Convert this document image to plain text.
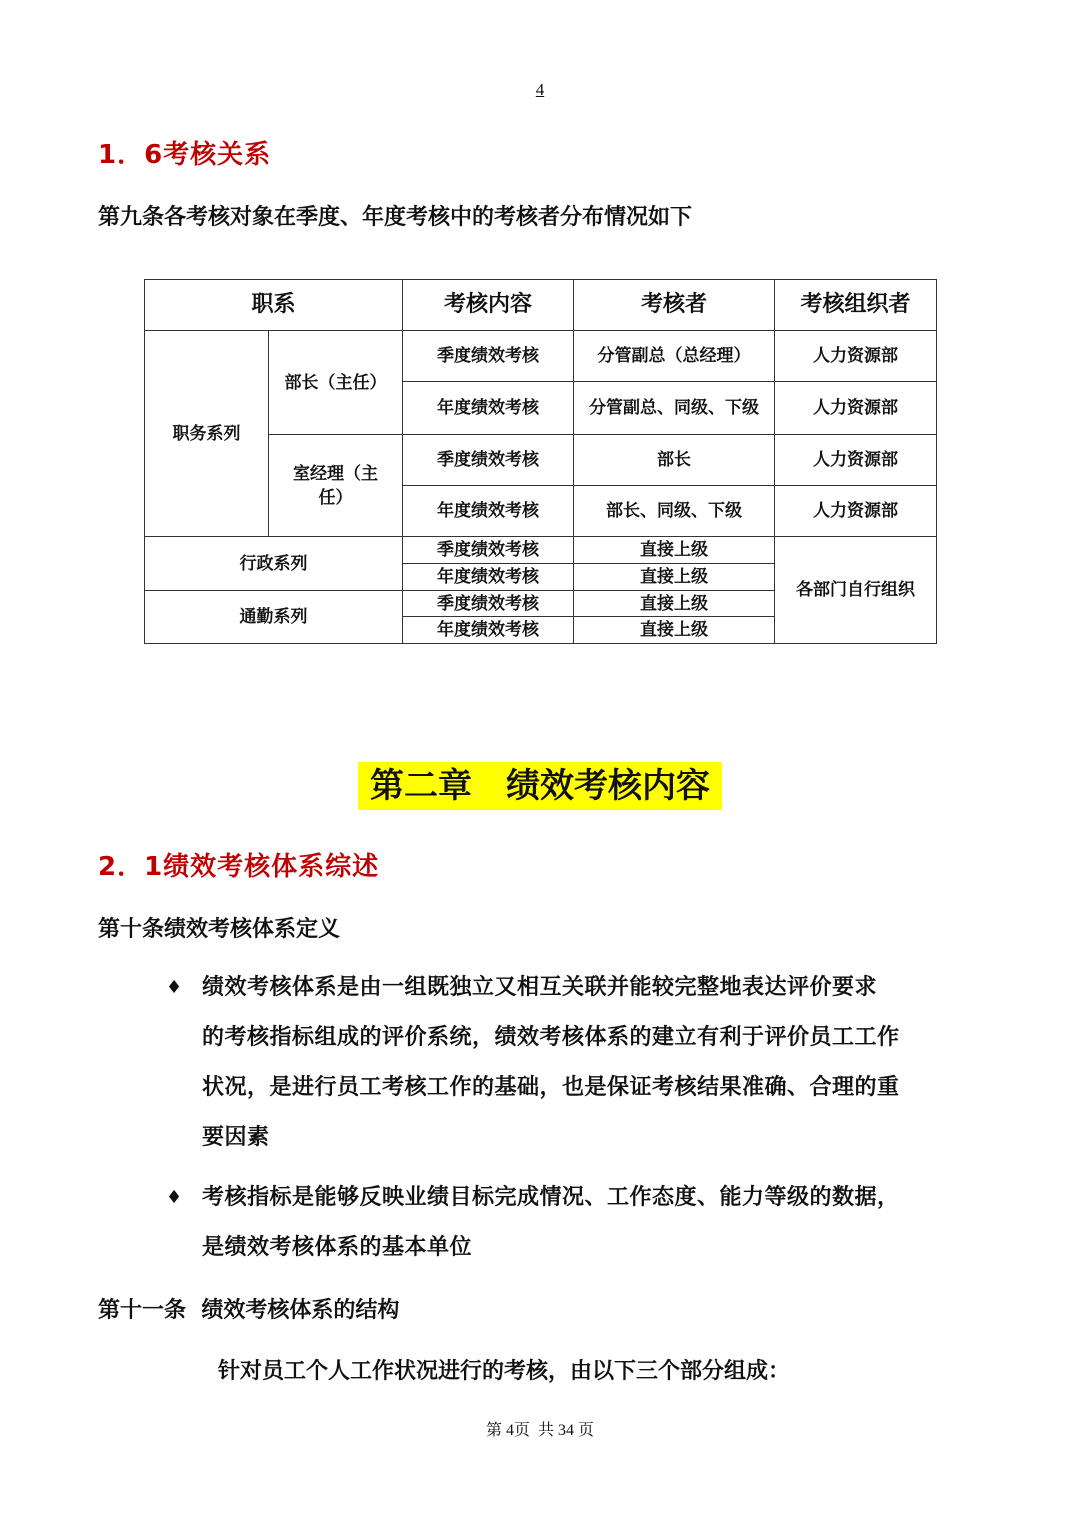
4
1．6考核关系
第九条各考核对象在季度、年度考核中的考核者分布情况如下
职系		考核内容	考核者	考核组织者
职务系列	部长（主任）	季度绩效考核	分管副总（总经理）	人力资源部
		年度绩效考核	分管副总、同级、下级	人力资源部
	室经理（主任）	季度绩效考核	部长	人力资源部
		年度绩效考核	部长、同级、下级	人力资源部
行政系列		季度绩效考核	直接上级	各部门自行组织
		年度绩效考核	直接上级	
通勤系列		季度绩效考核	直接上级	
		年度绩效考核	直接上级	
第二章　绩效考核内容
2．1绩效考核体系综述
第十条绩效考核体系定义
♦ 绩效考核体系是由一组既独立又相互关联并能较完整地表达评价要求
的考核指标组成的评价系统，绩效考核体系的建立有利于评价员工工作
状况，是进行员工考核工作的基础，也是保证考核结果准确、合理的重
要因素
♦ 考核指标是能够反映业绩目标完成情况、工作态度、能力等级的数据，
是绩效考核体系的基本单位
第十一条  绩效考核体系的结构
针对员工个人工作状况进行的考核，由以下三个部分组成：
第 4页  共 34 页
